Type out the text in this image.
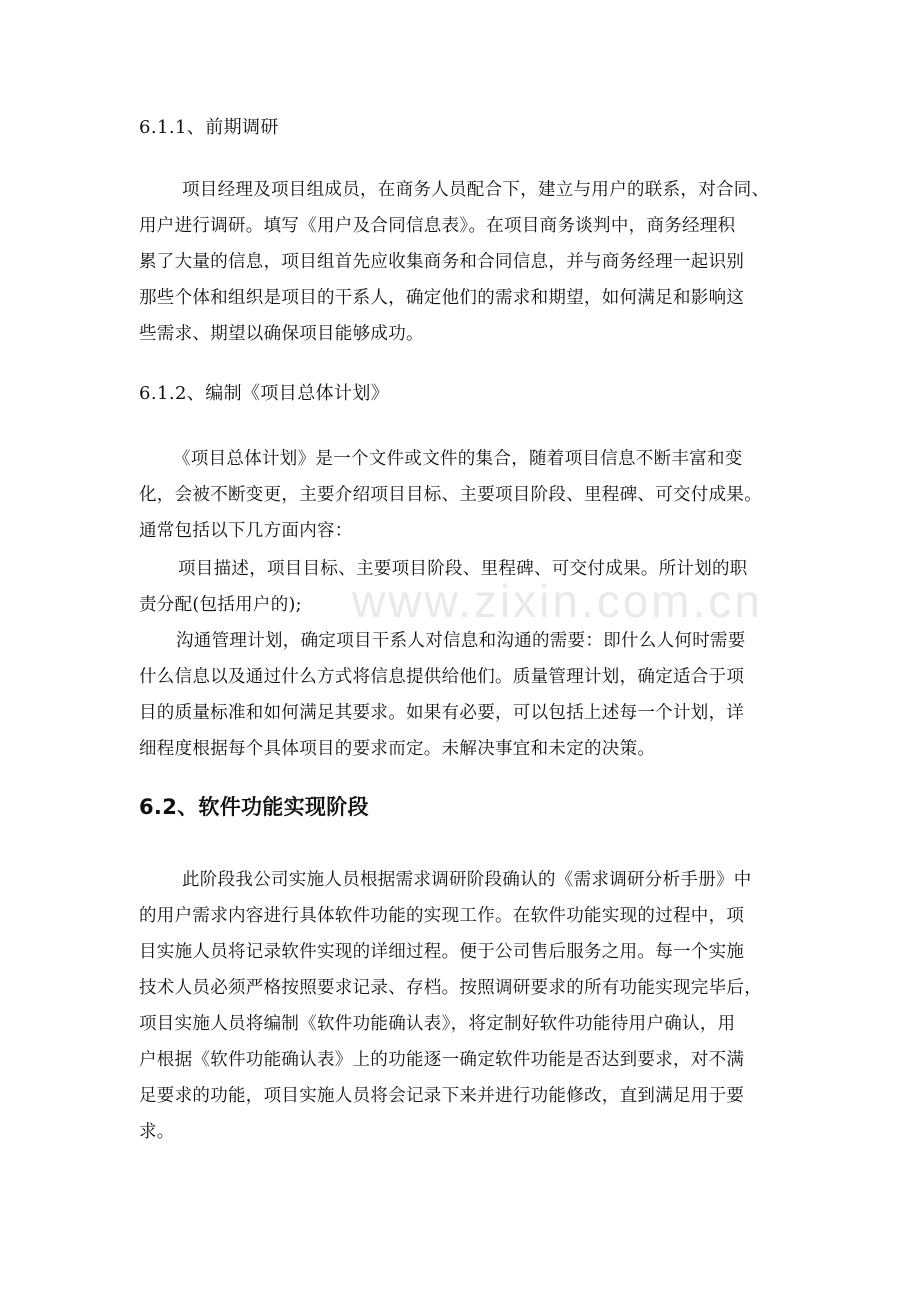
www.zixin.com.cn
6.1.1、前期调研
项目经理及项目组成员，在商务人员配合下，建立与用户的联系，对合同、
用户进行调研。填写《用户及合同信息表》。在项目商务谈判中，商务经理积
累了大量的信息，项目组首先应收集商务和合同信息，并与商务经理一起识别
那些个体和组织是项目的干系人，确定他们的需求和期望，如何满足和影响这
些需求、期望以确保项目能够成功。
6.1.2、编制《项目总体计划》
《项目总体计划》是一个文件或文件的集合，随着项目信息不断丰富和变
化，会被不断变更，主要介绍项目目标、主要项目阶段、里程碑、可交付成果。
通常包括以下几方面内容：
项目描述，项目目标、主要项目阶段、里程碑、可交付成果。所计划的职
责分配(包括用户的);
沟通管理计划，确定项目干系人对信息和沟通的需要：即什么人何时需要
什么信息以及通过什么方式将信息提供给他们。质量管理计划，确定适合于项
目的质量标准和如何满足其要求。如果有必要，可以包括上述每一个计划，详
细程度根据每个具体项目的要求而定。未解决事宜和未定的决策。
6.2、软件功能实现阶段
此阶段我公司实施人员根据需求调研阶段确认的《需求调研分析手册》中
的用户需求内容进行具体软件功能的实现工作。在软件功能实现的过程中，项
目实施人员将记录软件实现的详细过程。便于公司售后服务之用。每一个实施
技术人员必须严格按照要求记录、存档。按照调研要求的所有功能实现完毕后，
项目实施人员将编制《软件功能确认表》，将定制好软件功能待用户确认，用
户根据《软件功能确认表》上的功能逐一确定软件功能是否达到要求，对不满
足要求的功能，项目实施人员将会记录下来并进行功能修改，直到满足用于要
求。
